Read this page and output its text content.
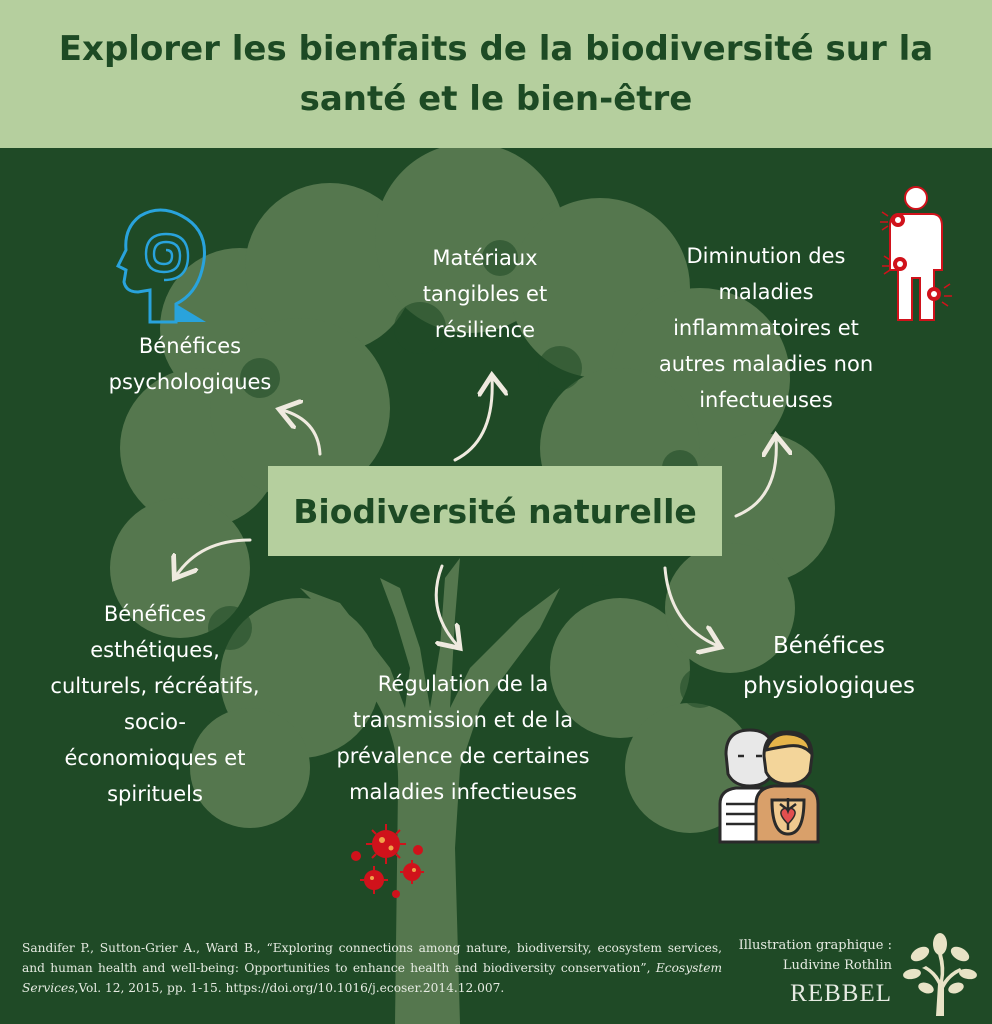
Explorer les bienfaits de la biodiversité sur la santé et le bien-être
Biodiversité naturelle
Bénéfices psychologiques
Matériaux tangibles et résilience
Diminution des maladies inflammatoires et autres maladies non infectueuses
Bénéfices esthétiques, culturels, récréatifs, socio-économioques et spirituels
Régulation de la transmission et de la prévalence de certaines maladies infectieuses
Bénéfices physiologiques
Sandifer P., Sutton-Grier A., Ward B., “Exploring connections among nature, biodiversity, ecosystem services, and human health and well-being: Opportunities to enhance health and biodiversity conservation”, Ecosystem Services,Vol. 12, 2015, pp. 1-15. https://doi.org/10.1016/j.ecoser.2014.12.007.
Illustration graphique :
Ludivine Rothlin
REBBEL
